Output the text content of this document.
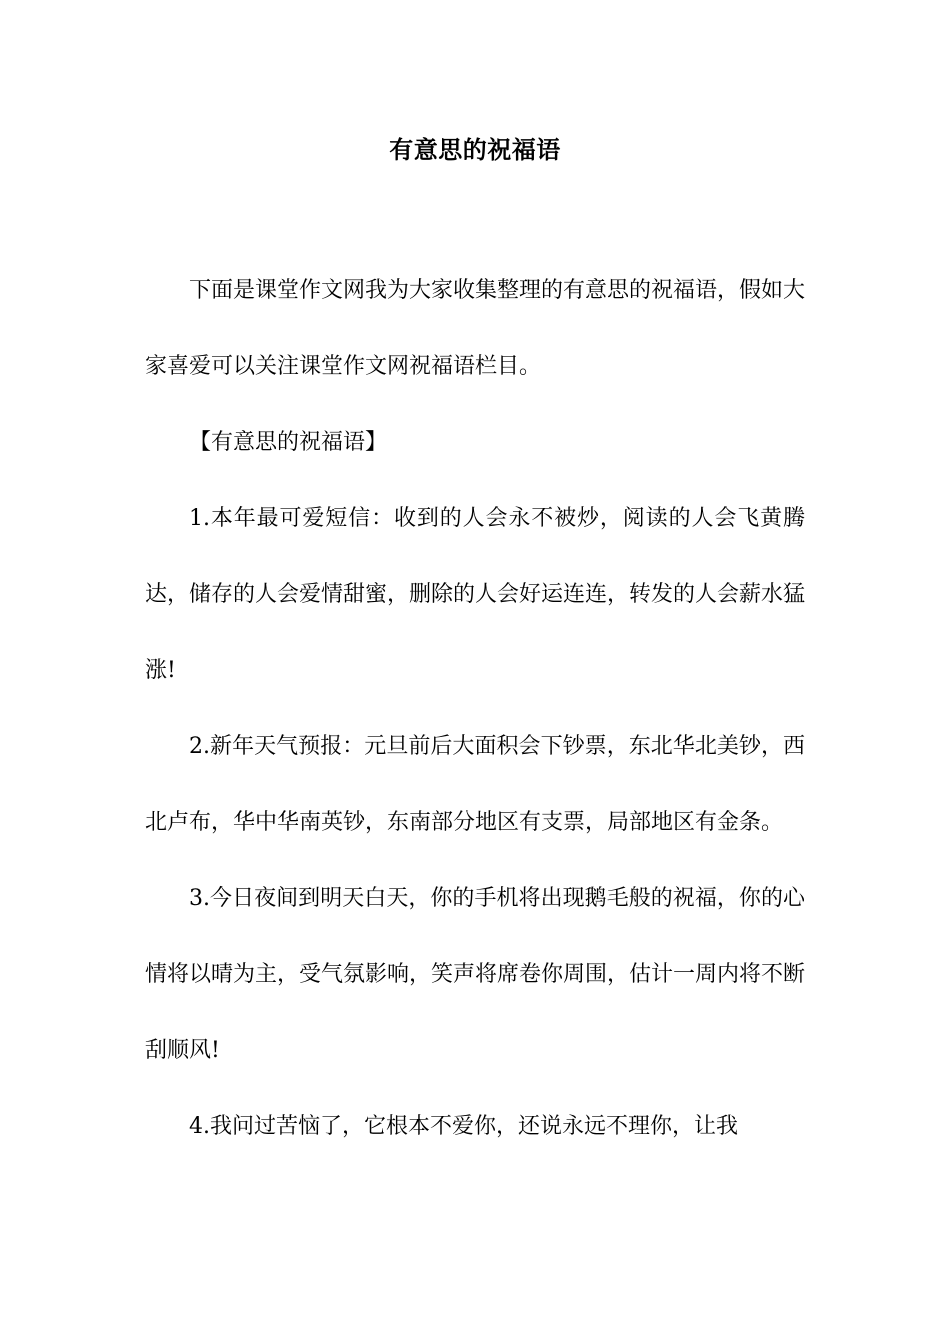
有意思的祝福语

下面是课堂作文网我为大家收集整理的有意思的祝福语，假如大家喜爱可以关注课堂作文网祝福语栏目。

【有意思的祝福语】

1.本年最可爱短信：收到的人会永不被炒，阅读的人会飞黄腾达，储存的人会爱情甜蜜，删除的人会好运连连，转发的人会薪水猛涨!

2.新年天气预报：元旦前后大面积会下钞票，东北华北美钞，西北卢布，华中华南英钞，东南部分地区有支票，局部地区有金条。

3.今日夜间到明天白天，你的手机将出现鹅毛般的祝福，你的心情将以晴为主，受气氛影响，笑声将席卷你周围，估计一周内将不断刮顺风!

4.我问过苦恼了，它根本不爱你，还说永远不理你，让我
